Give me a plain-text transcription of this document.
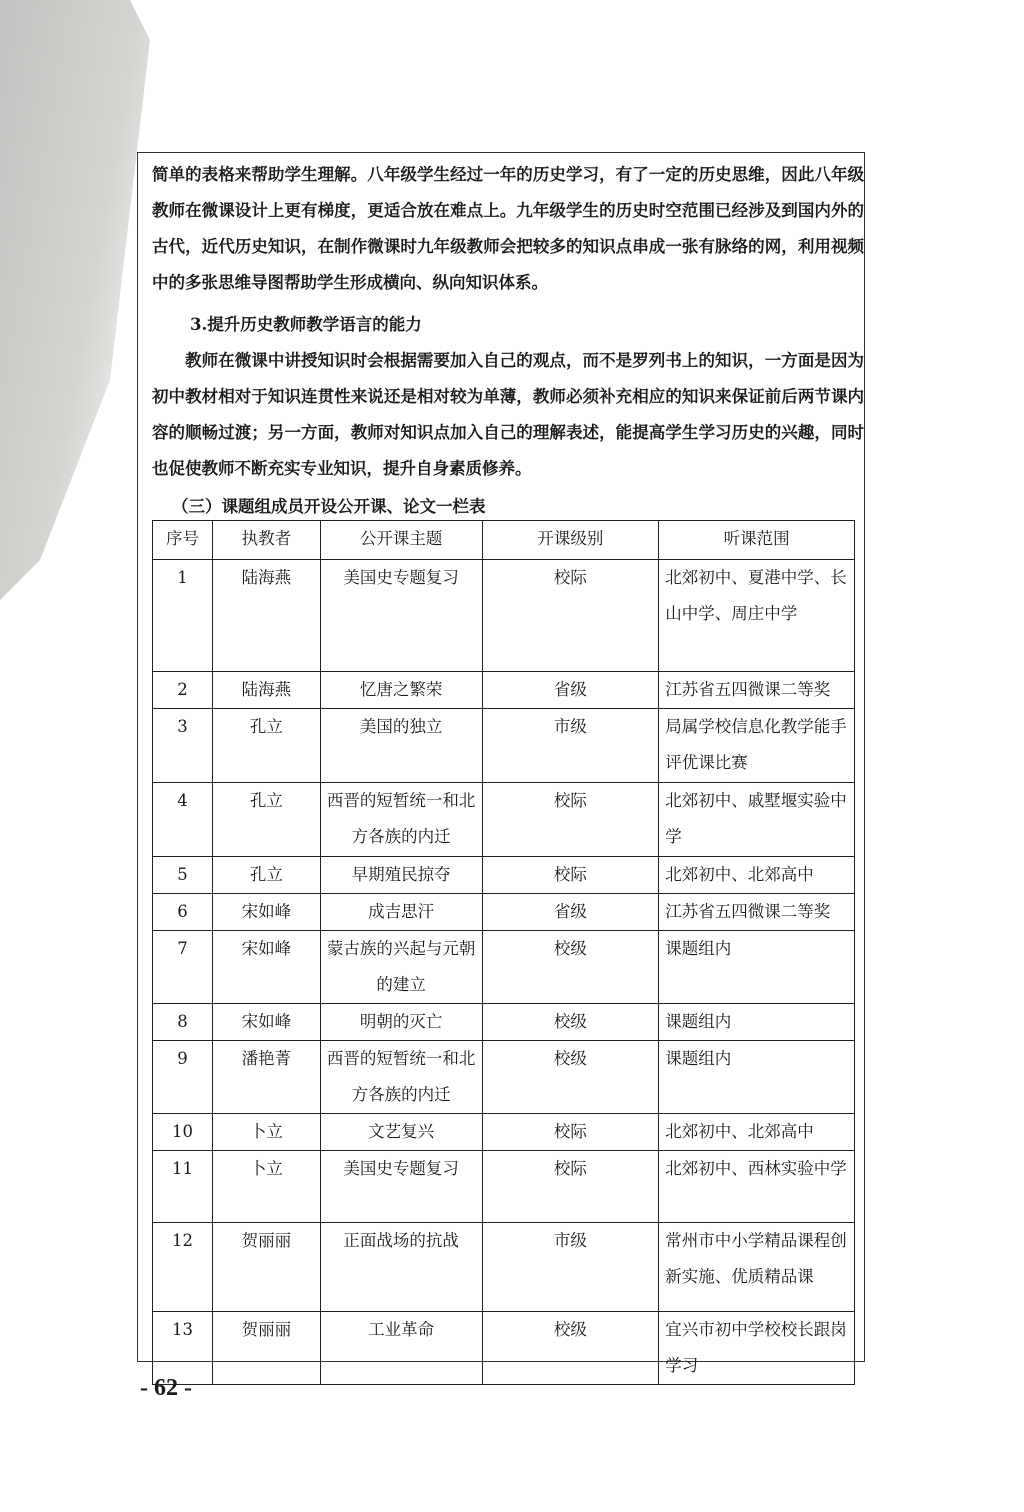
简单的表格来帮助学生理解。八年级学生经过一年的历史学习，有了一定的历史思维，因此八年级教师在微课设计上更有梯度，更适合放在难点上。九年级学生的历史时空范围已经涉及到国内外的古代，近代历史知识，在制作微课时九年级教师会把较多的知识点串成一张有脉络的网，利用视频中的多张思维导图帮助学生形成横向、纵向知识体系。

3.提升历史教师教学语言的能力

教师在微课中讲授知识时会根据需要加入自己的观点，而不是罗列书上的知识，一方面是因为初中教材相对于知识连贯性来说还是相对较为单薄，教师必须补充相应的知识来保证前后两节课内容的顺畅过渡；另一方面，教师对知识点加入自己的理解表述，能提高学生学习历史的兴趣，同时也促使教师不断充实专业知识，提升自身素质修养。

（三）课题组成员开设公开课、论文一栏表

序号	执教者	公开课主题	开课级别	听课范围
1	陆海燕	美国史专题复习	校际	北郊初中、夏港中学、长山中学、周庄中学
2	陆海燕	忆唐之繁荣	省级	江苏省五四微课二等奖
3	孔立	美国的独立	市级	局属学校信息化教学能手评优课比赛
4	孔立	西晋的短暂统一和北方各族的内迁	校际	北郊初中、戚墅堰实验中学
5	孔立	早期殖民掠夺	校际	北郊初中、北郊高中
6	宋如峰	成吉思汗	省级	江苏省五四微课二等奖
7	宋如峰	蒙古族的兴起与元朝的建立	校级	课题组内
8	宋如峰	明朝的灭亡	校级	课题组内
9	潘艳菁	西晋的短暂统一和北方各族的内迁	校级	课题组内
10	卜立	文艺复兴	校际	北郊初中、北郊高中
11	卜立	美国史专题复习	校际	北郊初中、西林实验中学
12	贺丽丽	正面战场的抗战	市级	常州市中小学精品课程创新实施、优质精品课
13	贺丽丽	工业革命	校级	宜兴市初中学校校长跟岗学习
- 62 -
